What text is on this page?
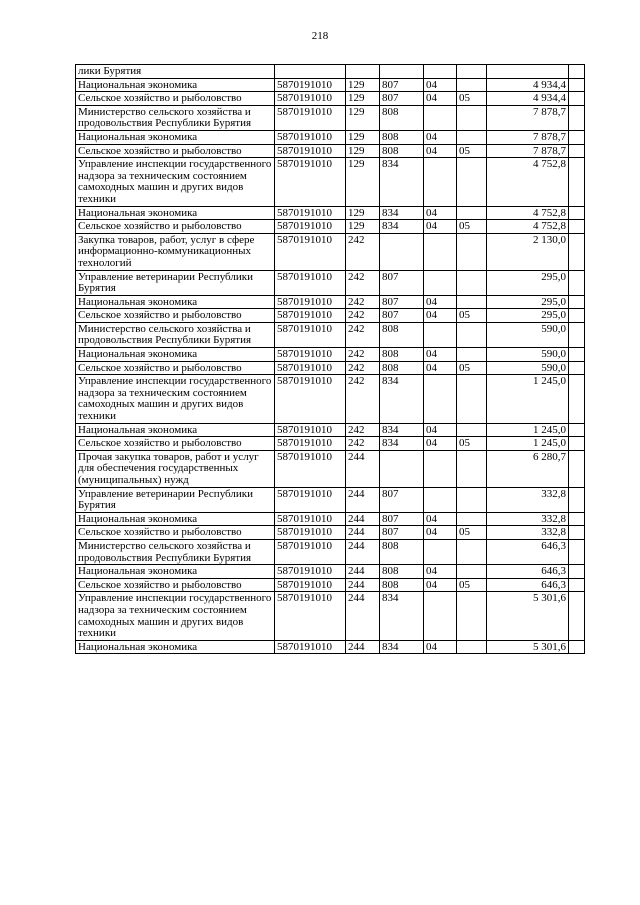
218
лики Бурятия							
Национальная экономика	5870191010	129	807	04		4 934,4	
Сельское хозяйство и рыболовство	5870191010	129	807	04	05	4 934,4	
Министерство сельского хозяйства и продовольствия Республики Бурятия	5870191010	129	808			7 878,7	
Национальная экономика	5870191010	129	808	04		7 878,7	
Сельское хозяйство и рыболовство	5870191010	129	808	04	05	7 878,7	
Управление инспекции государственного надзора за техническим состоянием самоходных машин и других видов техники	5870191010	129	834			4 752,8	
Национальная экономика	5870191010	129	834	04		4 752,8	
Сельское хозяйство и рыболовство	5870191010	129	834	04	05	4 752,8	
Закупка товаров, работ, услуг в сфере информационно-коммуникационных технологий	5870191010	242				2 130,0	
Управление ветеринарии Республики Бурятия	5870191010	242	807			295,0	
Национальная экономика	5870191010	242	807	04		295,0	
Сельское хозяйство и рыболовство	5870191010	242	807	04	05	295,0	
Министерство сельского хозяйства и продовольствия Республики Бурятия	5870191010	242	808			590,0	
Национальная экономика	5870191010	242	808	04		590,0	
Сельское хозяйство и рыболовство	5870191010	242	808	04	05	590,0	
Управление инспекции государственного надзора за техническим состоянием самоходных машин и других видов техники	5870191010	242	834			1 245,0	
Национальная экономика	5870191010	242	834	04		1 245,0	
Сельское хозяйство и рыболовство	5870191010	242	834	04	05	1 245,0	
Прочая закупка товаров, работ и услуг для обеспечения государственных (муниципальных) нужд	5870191010	244				6 280,7	
Управление ветеринарии Республики Бурятия	5870191010	244	807			332,8	
Национальная экономика	5870191010	244	807	04		332,8	
Сельское хозяйство и рыболовство	5870191010	244	807	04	05	332,8	
Министерство сельского хозяйства и продовольствия Республики Бурятия	5870191010	244	808			646,3	
Национальная экономика	5870191010	244	808	04		646,3	
Сельское хозяйство и рыболовство	5870191010	244	808	04	05	646,3	
Управление инспекции государственного надзора за техническим состоянием самоходных машин и других видов техники	5870191010	244	834			5 301,6	
Национальная экономика	5870191010	244	834	04		5 301,6	
